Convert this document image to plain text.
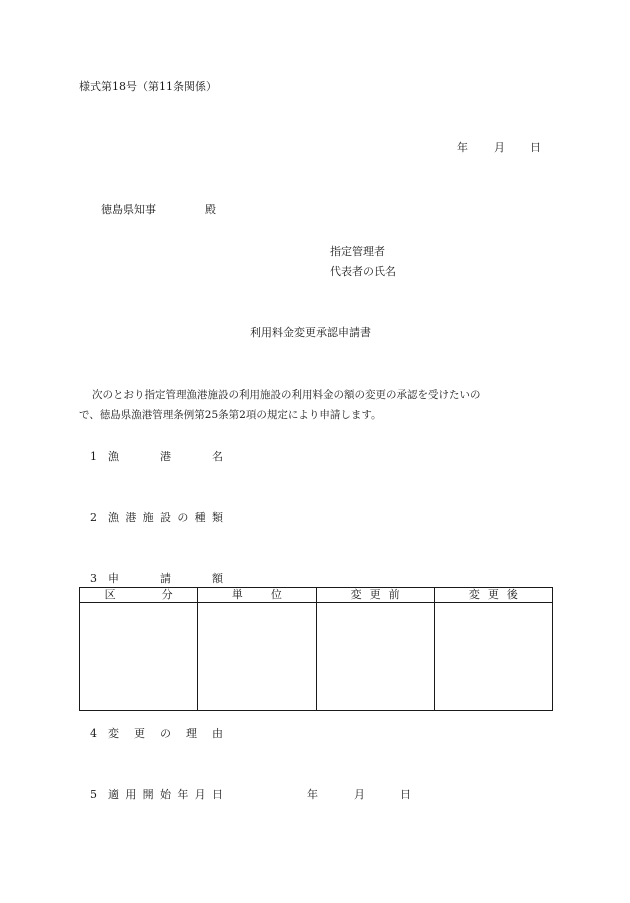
様式第18号（第11条関係）
年 月 日
徳島県知事	殿
指定管理者
代表者の氏名
利用料金変更承認申請書
次のとおり指定管理漁港施設の利用施設の利用料金の額の変更の承認を受けたいの
で、徳島県漁港管理条例第25条第2項の規定により申請します。
1 漁	港	名
2 漁 港 施 設 の 種 類
3 申	請	額
区 分	単 位	変 更 前	変 更 後

4 変 更 の 理 由
5 適 用 開 始 年 月 日	年	月	日
